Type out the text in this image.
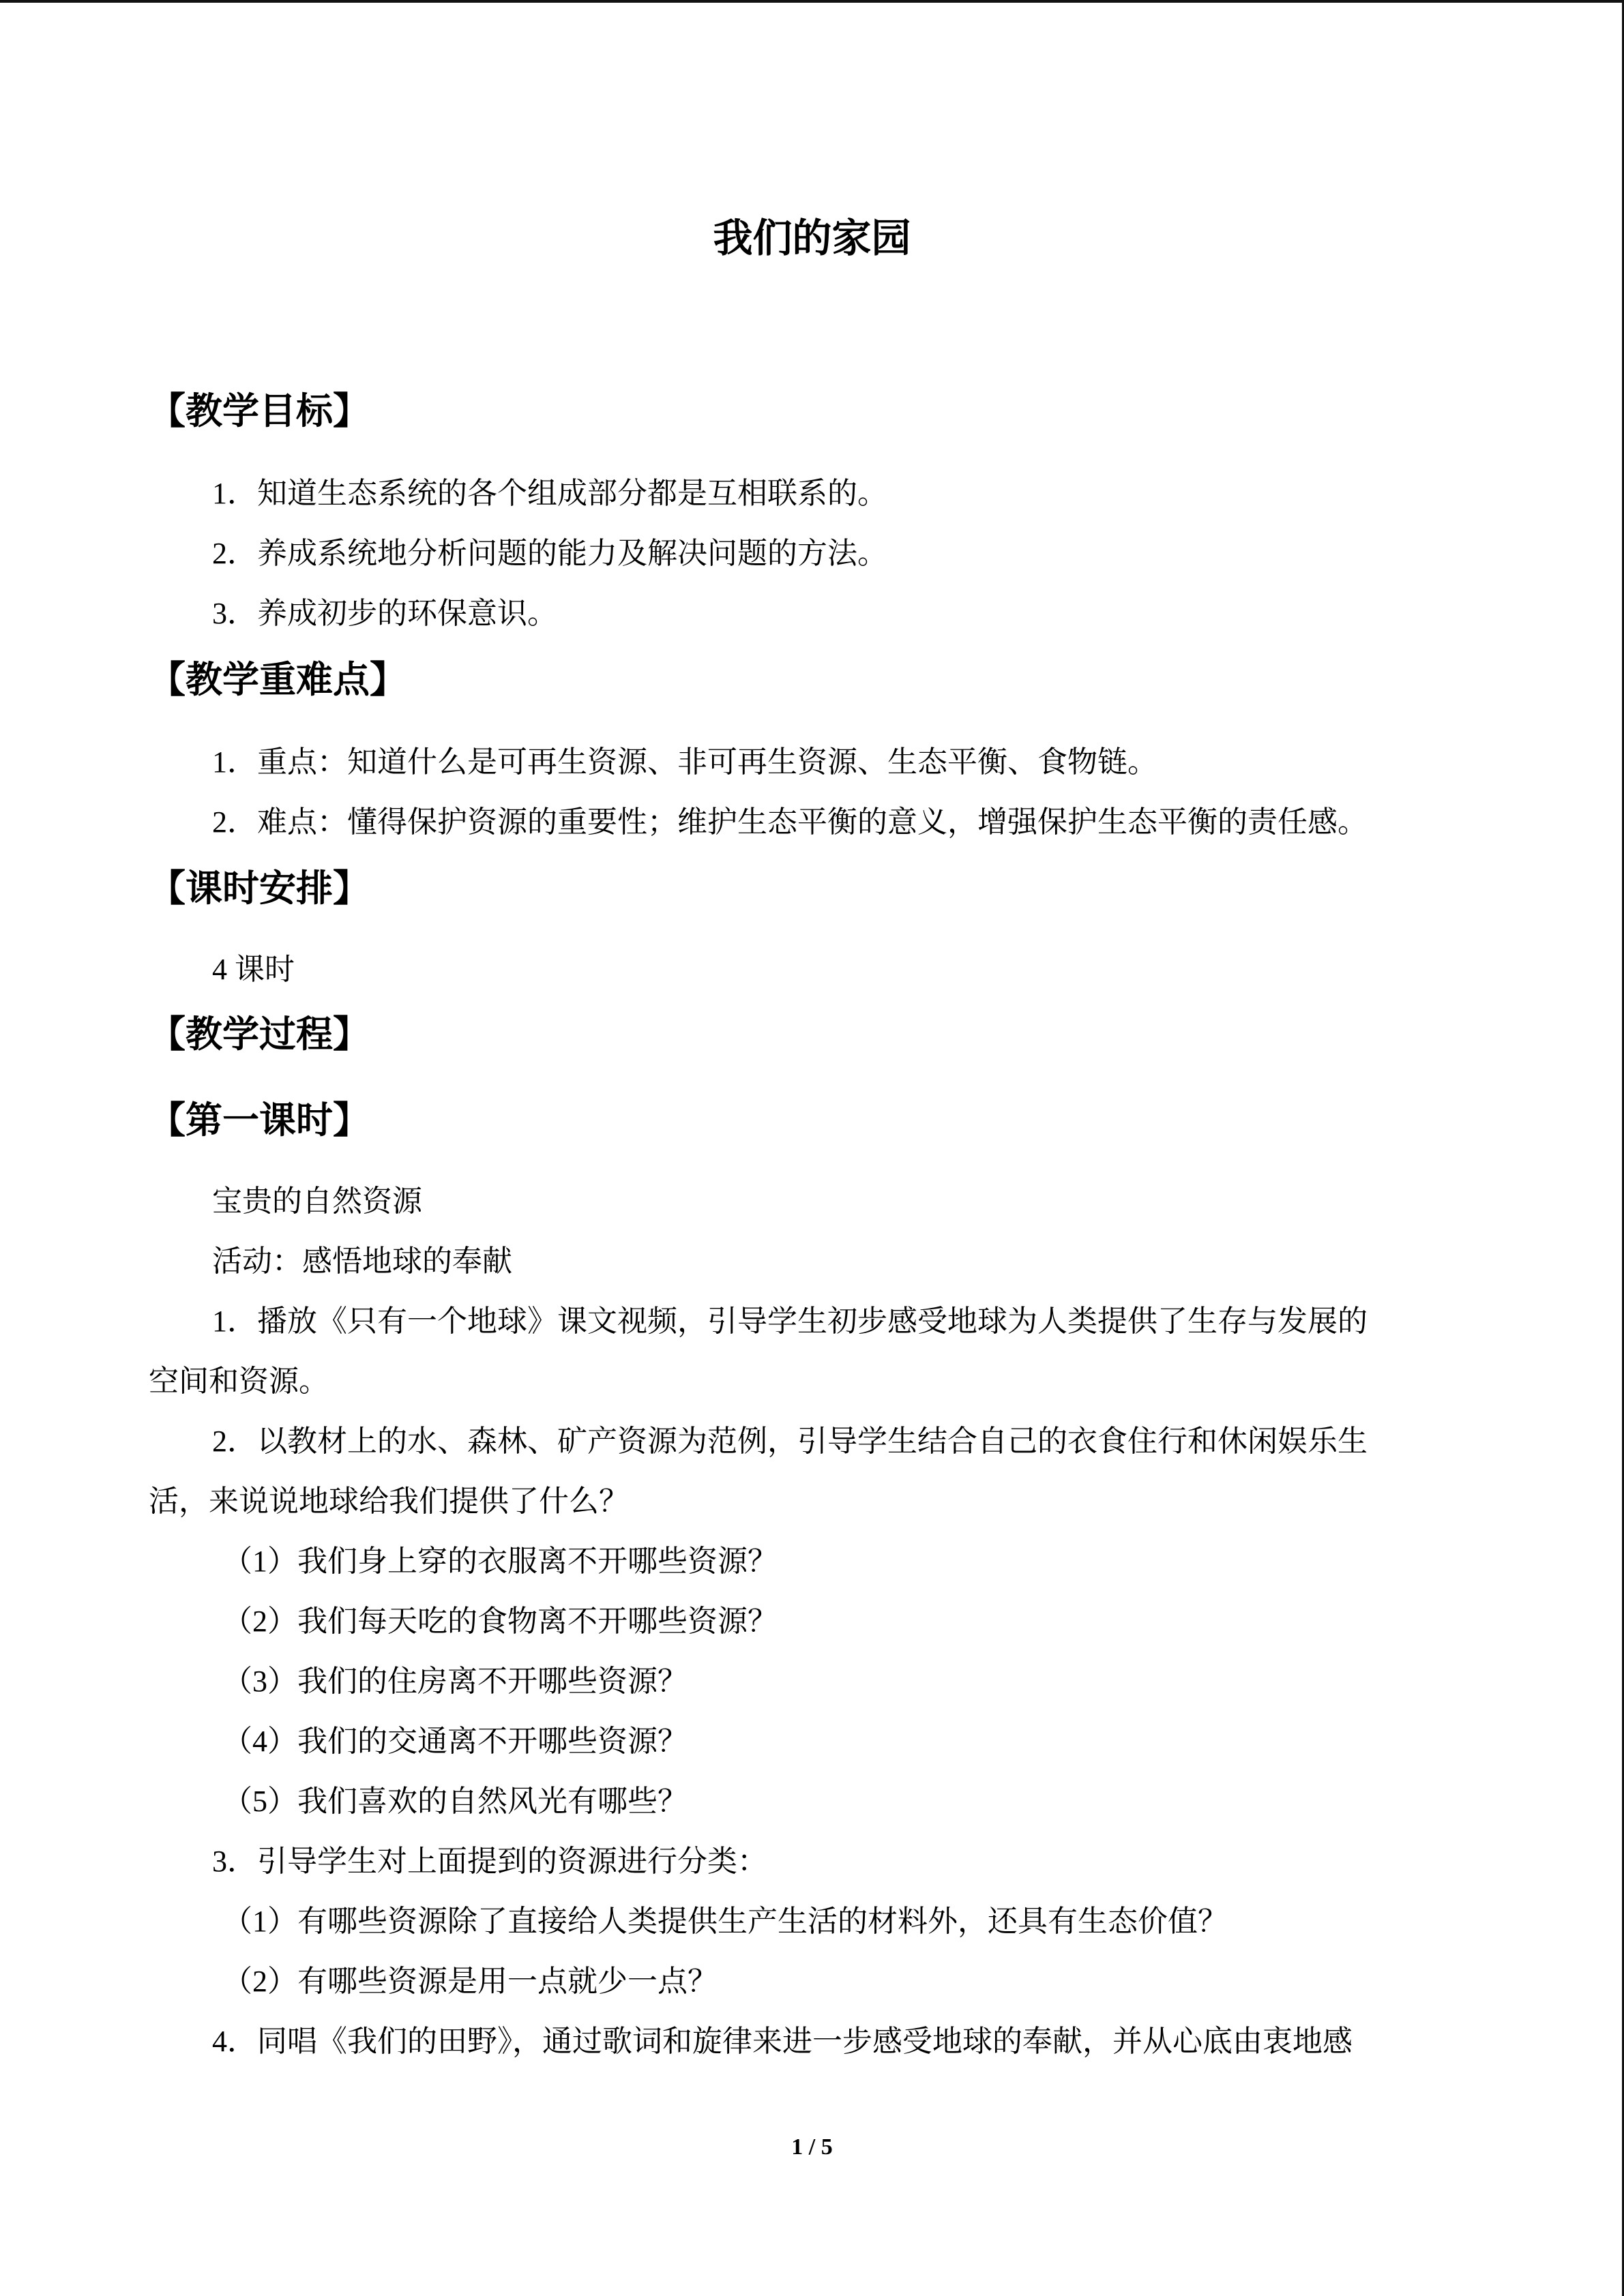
我们的家园
【教学目标】
1．知道生态系统的各个组成部分都是互相联系的。
2．养成系统地分析问题的能力及解决问题的方法。
3．养成初步的环保意识。
【教学重难点】
1．重点：知道什么是可再生资源、非可再生资源、生态平衡、食物链。
2．难点：懂得保护资源的重要性；维护生态平衡的意义，增强保护生态平衡的责任感。
【课时安排】
4 课时
【教学过程】
【第一课时】
宝贵的自然资源
活动：感悟地球的奉献
1．播放《只有一个地球》课文视频，引导学生初步感受地球为人类提供了生存与发展的
空间和资源。
2．以教材上的水、森林、矿产资源为范例，引导学生结合自己的衣食住行和休闲娱乐生
活，来说说地球给我们提供了什么？
（1）我们身上穿的衣服离不开哪些资源？
（2）我们每天吃的食物离不开哪些资源？
（3）我们的住房离不开哪些资源？
（4）我们的交通离不开哪些资源？
（5）我们喜欢的自然风光有哪些？
3．引导学生对上面提到的资源进行分类：
（1）有哪些资源除了直接给人类提供生产生活的材料外，还具有生态价值？
（2）有哪些资源是用一点就少一点？
4．同唱《我们的田野》，通过歌词和旋律来进一步感受地球的奉献，并从心底由衷地感
1 / 5
